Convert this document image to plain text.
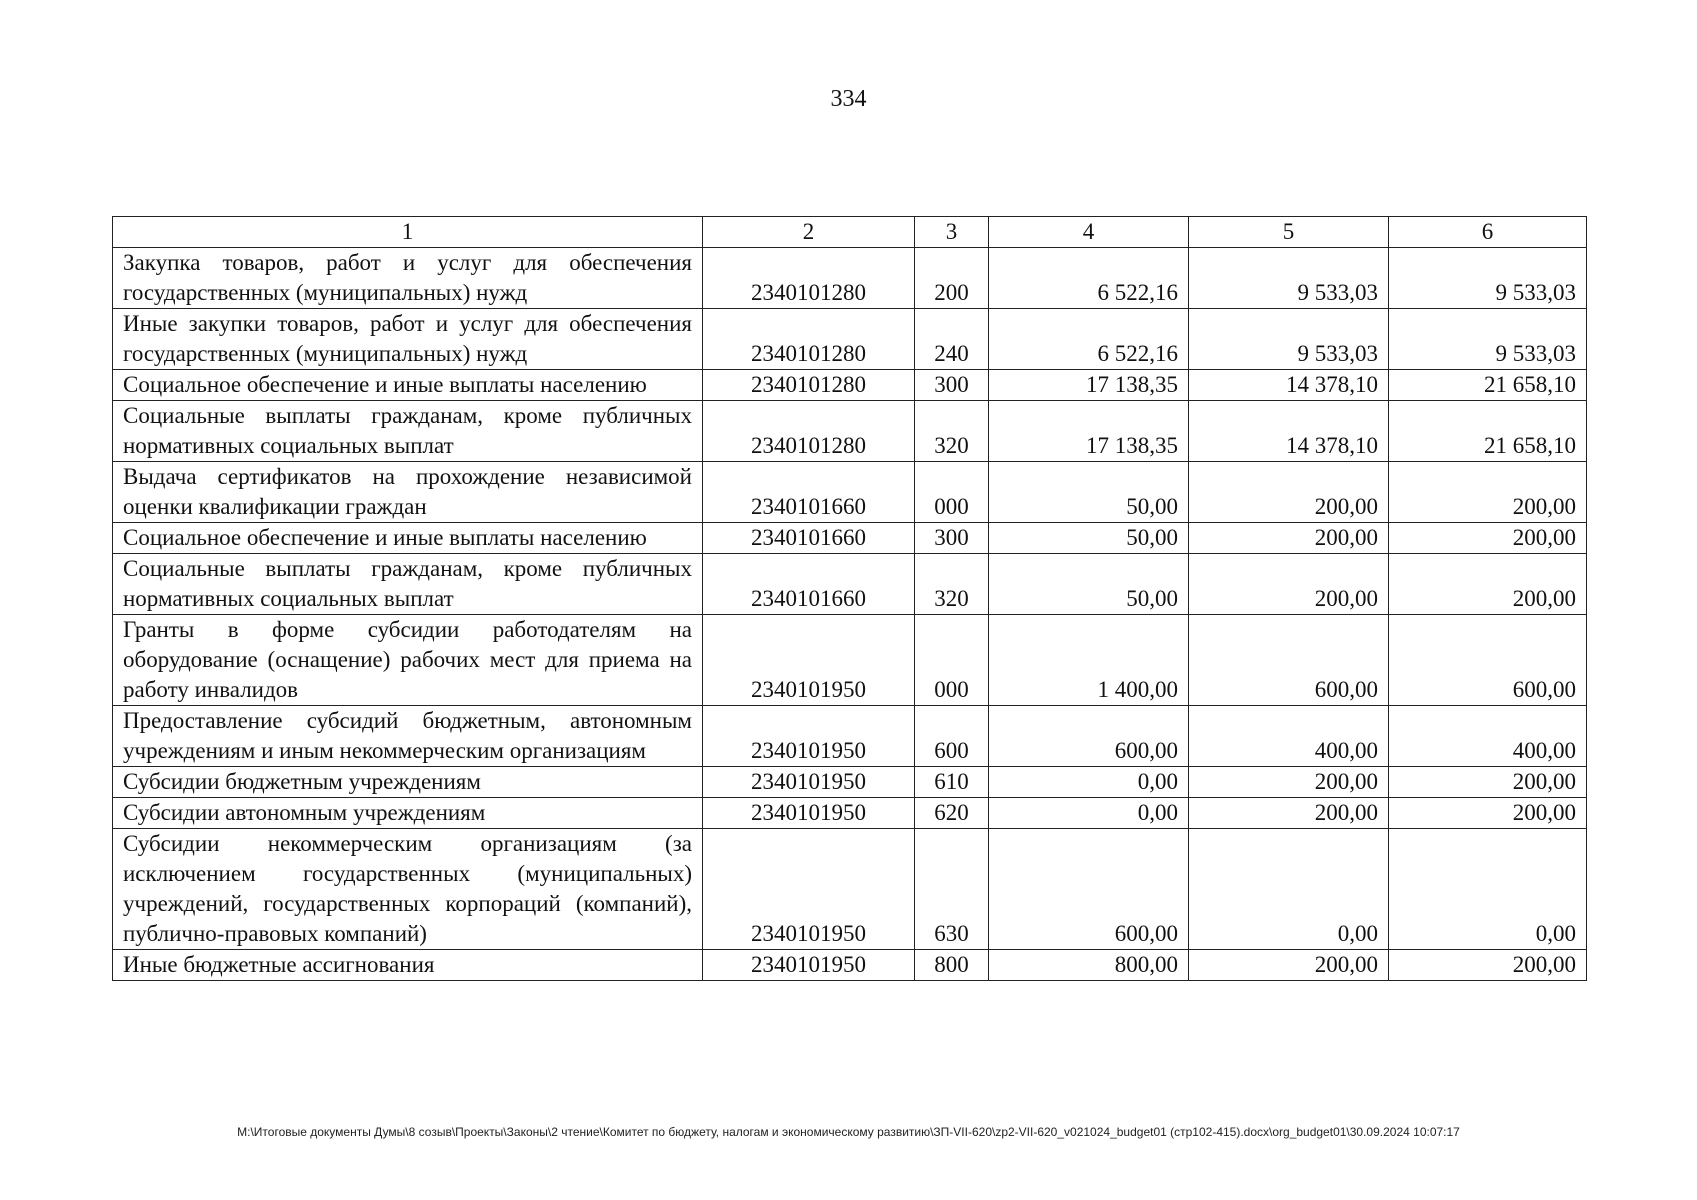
334
1	2	3	4	5	6
Закупка товаров, работ и услуг для обеспечения государственных (муниципальных) нужд	2340101280	200	6 522,16	9 533,03	9 533,03
Иные закупки товаров, работ и услуг для обеспечения государственных (муниципальных) нужд	2340101280	240	6 522,16	9 533,03	9 533,03
Социальное обеспечение и иные выплаты населению	2340101280	300	17 138,35	14 378,10	21 658,10
Социальные выплаты гражданам, кроме публичных нормативных социальных выплат	2340101280	320	17 138,35	14 378,10	21 658,10
Выдача сертификатов на прохождение независимой оценки квалификации граждан	2340101660	000	50,00	200,00	200,00
Социальное обеспечение и иные выплаты населению	2340101660	300	50,00	200,00	200,00
Социальные выплаты гражданам, кроме публичных нормативных социальных выплат	2340101660	320	50,00	200,00	200,00
Гранты в форме субсидии работодателям на оборудование (оснащение) рабочих мест для приема на работу инвалидов	2340101950	000	1 400,00	600,00	600,00
Предоставление субсидий бюджетным, автономным учреждениям и иным некоммерческим организациям	2340101950	600	600,00	400,00	400,00
Субсидии бюджетным учреждениям	2340101950	610	0,00	200,00	200,00
Субсидии автономным учреждениям	2340101950	620	0,00	200,00	200,00
Субсидии некоммерческим организациям (за исключением государственных (муниципальных) учреждений, государственных корпораций (компаний), публично-правовых компаний)	2340101950	630	600,00	0,00	0,00
Иные бюджетные ассигнования	2340101950	800	800,00	200,00	200,00
М:\Итоговые документы Думы\8 созыв\Проекты\Законы\2 чтение\Комитет по бюджету, налогам и экономическому развитию\ЗП-VII-620\zp2-VII-620_v021024_budget01 (стр102-415).docx\org_budget01\30.09.2024 10:07:17
